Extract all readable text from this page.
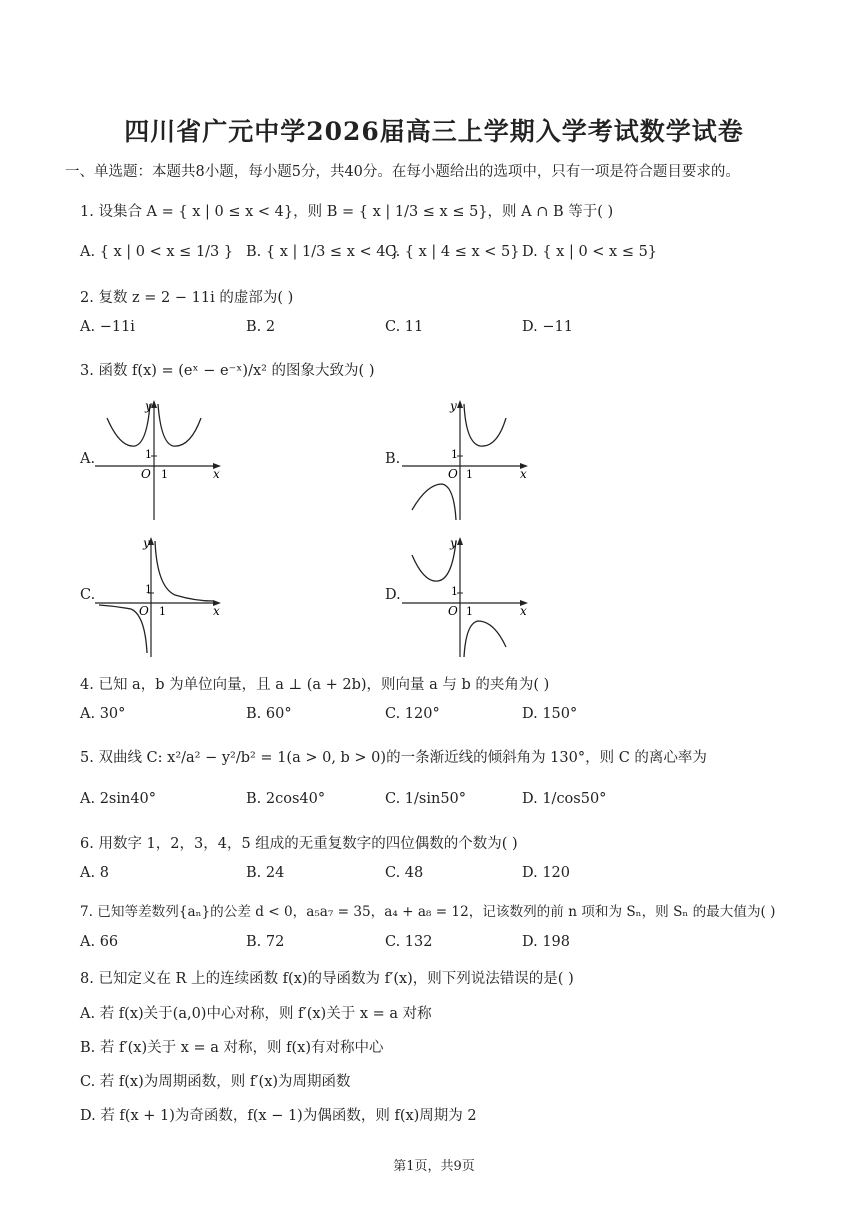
四川省广元中学2026届高三上学期入学考试数学试卷
一、单选题：本题共8小题，每小题5分，共40分。在每小题给出的选项中，只有一项是符合题目要求的。
1. 设集合 A = { x | 0 ≤ x < 4}，则 B = { x | 1/3 ≤ x ≤ 5}，则 A ∩ B 等于( )
A. { x | 0 < x ≤ 1/3 } B. { x | 1/3 ≤ x < 4 }
C. { x | 4 ≤ x < 5} D. { x | 0 < x ≤ 5}
2. 复数 z = 2 − 11i 的虚部为( )
A. −11i	B. 2	C. 11	D. −11
3. 函数 f(x) = (eˣ − e⁻ˣ)/x² 的图象大致为( )
A.
y
x
O
1
1
B.
y
x
O
1
1
C.
y
x
O
1
1
D.
y
x
O
1
1
4. 已知 a，b 为单位向量，且 a ⊥ (a + 2b)，则向量 a 与 b 的夹角为( )
A. 30°	B. 60°	C. 120°	D. 150°
5. 双曲线 C: x²/a² − y²/b² = 1(a > 0, b > 0)的一条渐近线的倾斜角为 130°，则 C 的离心率为
A. 2sin40°	B. 2cos40°	C. 1/sin50°	D. 1/cos50°
6. 用数字 1，2，3，4，5 组成的无重复数字的四位偶数的个数为( )
A. 8	B. 24	C. 48	D. 120
7. 已知等差数列{aₙ}的公差 d < 0，a₅a₇ = 35，a₄ + a₈ = 12，记该数列的前 n 项和为 Sₙ，则 Sₙ 的最大值为( )
A. 66	B. 72	C. 132	D. 198
8. 已知定义在 R 上的连续函数 f(x)的导函数为 f′(x)，则下列说法错误的是( )
A. 若 f(x)关于(a,0)中心对称，则 f′(x)关于 x = a 对称
B. 若 f′(x)关于 x = a 对称，则 f(x)有对称中心
C. 若 f(x)为周期函数，则 f′(x)为周期函数
D. 若 f(x + 1)为奇函数，f(x − 1)为偶函数，则 f(x)周期为 2
第1页，共9页
